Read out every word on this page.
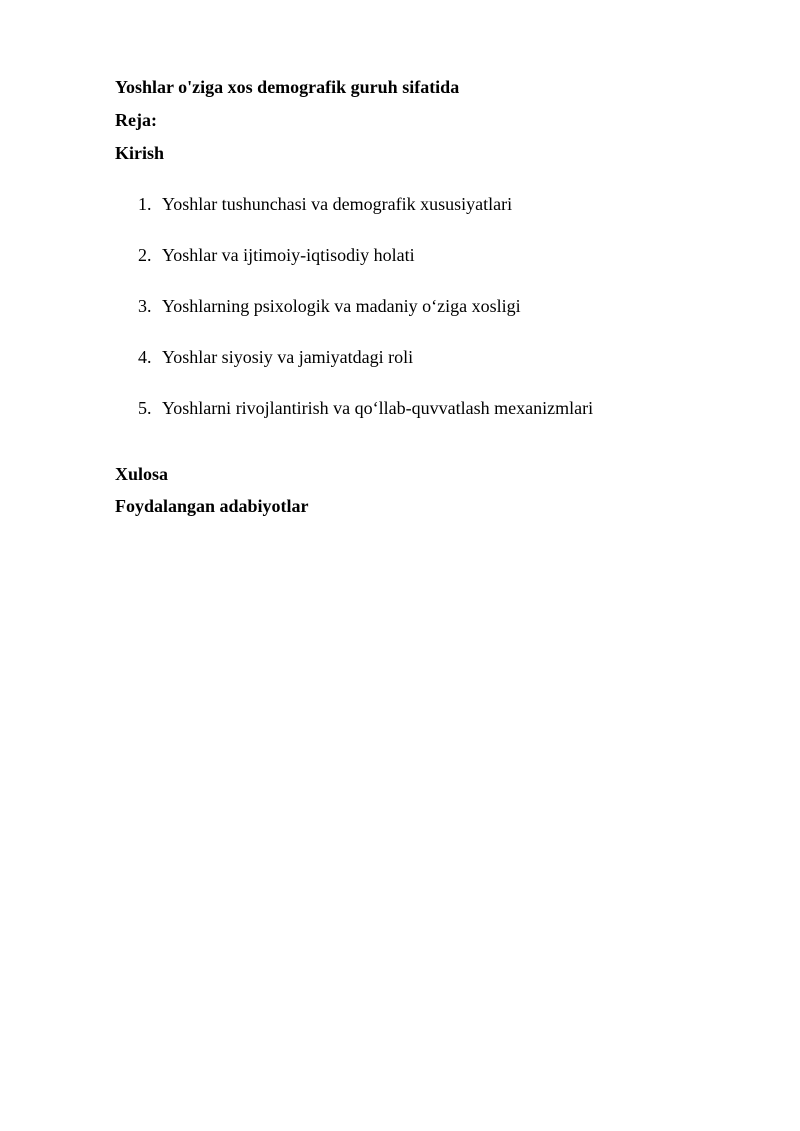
Yoshlar o'ziga xos demografik guruh sifatida
Reja:
Kirish
1. Yoshlar tushunchasi va demografik xususiyatlari
2. Yoshlar va ijtimoiy-iqtisodiy holati
3. Yoshlarning psixologik va madaniy o‘ziga xosligi
4. Yoshlar siyosiy va jamiyatdagi roli
5. Yoshlarni rivojlantirish va qo‘llab-quvvatlash mexanizmlari
Xulosa
Foydalangan adabiyotlar
